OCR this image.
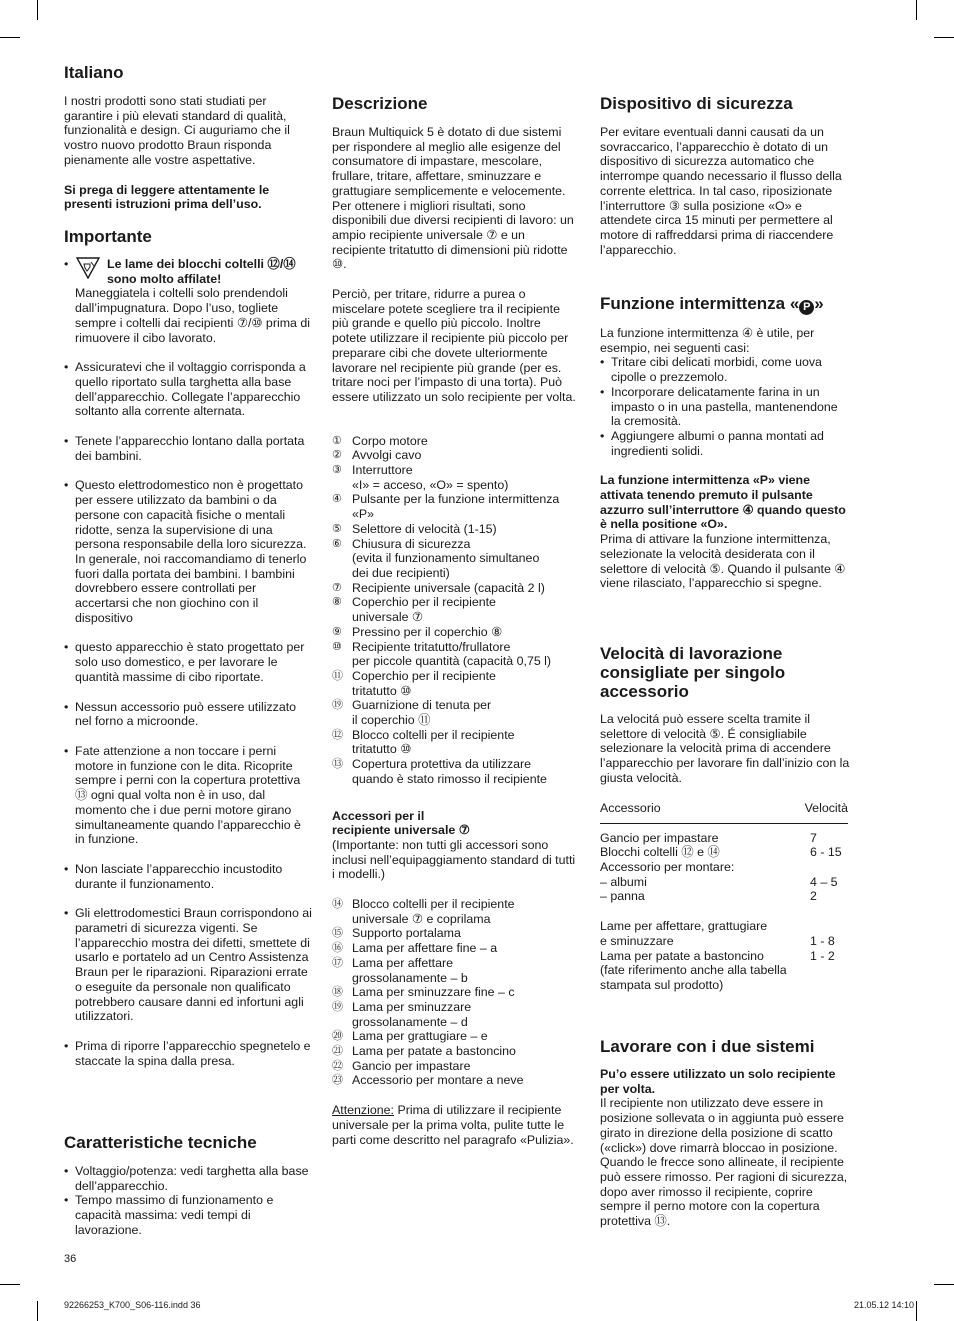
Italiano

I nostri prodotti sono stati studiati per garantire i più elevati standard di qualità, funzionalità e design. Ci auguriamo che il vostro nuovo prodotto Braun risponda pienamente alle vostre aspettative.

Si prega di leggere attentamente le presenti istruzioni prima dell’uso.

Importante
• Le lame dei blocchi coltelli ⑫/⑭ sono molto affilate!
Maneggiatela i coltelli solo prendendoli dall’impugnatura. Dopo l’uso, togliete sempre i coltelli dai recipienti ⑦/⑩ prima di rimuovere il cibo lavorato.
• Assicuratevi che il voltaggio corrisponda a quello riportato sulla targhetta alla base dell’apparecchio. Collegate l’apparecchio soltanto alla corrente alternata.
• Tenete l’apparecchio lontano dalla portata dei bambini.
• Questo elettrodomestico non è progettato per essere utilizzato da bambini o da persone con capacità fisiche o mentali ridotte, senza la supervisione di una persona responsabile della loro sicurezza. In generale, noi raccomandiamo di tenerlo fuori dalla portata dei bambini. I bambini dovrebbero essere controllati per accertarsi che non giochino con il dispositivo
• questo apparecchio è stato progettato per solo uso domestico, e per lavorare le quantità massime di cibo riportate.
• Nessun accessorio può essere utilizzato nel forno a microonde.
• Fate attenzione a non toccare i perni motore in funzione con le dita. Ricoprite sempre i perni con la copertura protettiva ⑬ ogni qual volta non è in uso, dal momento che i due perni motore girano simultaneamente quando l’apparecchio è in funzione.
• Non lasciate l’apparecchio incustodito durante il funzionamento.
• Gli elettrodomestici Braun corrispondono ai parametri di sicurezza vigenti. Se l’apparecchio mostra dei difetti, smettete di usarlo e portatelo ad un Centro Assistenza Braun per le riparazioni. Riparazioni errate o eseguite da personale non qualificato potrebbero causare danni ed infortuni agli utilizzatori.
• Prima di riporre l’apparecchio spegnetelo e staccate la spina dalla presa.
Caratteristiche tecniche
• Voltaggio/potenza: vedi targhetta alla base dell’apparecchio.
• Tempo massimo di funzionamento e capacità massima: vedi tempi di lavorazione.
36
Descrizione

Braun Multiquick 5 è dotato di due sistemi per rispondere al meglio alle esigenze del consumatore di impastare, mescolare, frullare, tritare, affettare, sminuzzare e grattugiare semplicemente e velocemente. Per ottenere i migliori risultati, sono disponibili due diversi recipienti di lavoro: un ampio recipiente universale ⑦ e un recipiente tritatutto di dimensioni più ridotte ⑩.

Perciò, per tritare, ridurre a purea o miscelare potete scegliere tra il recipiente più grande e quello più piccolo. Inoltre potete utilizzare il recipiente più piccolo per preparare cibi che dovete ulteriormente lavorare nel recipiente più grande (per es. tritare noci per l’impasto di una torta). Può essere utilizzato un solo recipiente per volta.

① Corpo motore
② Avvolgi cavo
③ Interruttore
«I» = acceso, «O» = spento)
④ Pulsante per la funzione intermittenza
«P»
⑤ Selettore di velocità (1-15)
⑥ Chiusura di sicurezza
(evita il funzionamento simultaneo
dei due recipienti)
⑦ Recipiente universale (capacità 2 l)
⑧ Coperchio per il recipiente
universale ⑦
⑨ Pressino per il coperchio ⑧
⑩ Recipiente tritatutto/frullatore
per piccole quantità (capacità 0,75 l)
⑪ Coperchio per il recipiente
tritatutto ⑩
⑲ Guarnizione di tenuta per
il coperchio ⑪
⑫ Blocco coltelli per il recipiente
tritatutto ⑩
⑬ Copertura protettiva da utilizzare
quando è stato rimosso il recipiente

Accessori per il
recipiente universale ⑦

(Importante: non tutti gli accessori sono inclusi nell’equipaggiamento standard di tutti i modelli.)

⑭ Blocco coltelli per il recipiente
universale ⑦ e coprilama
⑮ Supporto portalama
⑯ Lama per affettare fine – a
⑰ Lama per affettare
grossolanamente – b
⑱ Lama per sminuzzare fine – c
⑲ Lama per sminuzzare
grossolanamente – d
⑳ Lama per grattugiare – e
㉑ Lama per patate a bastoncino
㉒ Gancio per impastare
㉓ Accessorio per montare a neve

Attenzione: Prima di utilizzare il recipiente universale per la prima volta, pulite tutte le parti come descritto nel paragrafo «Pulizia».

Dispositivo di sicurezza
Per evitare eventuali danni causati da un sovraccarico, l’apparecchio è dotato di un dispositivo di sicurezza automatico che interrompe quando necessario il flusso della corrente elettrica. In tal caso, riposizionate l’interruttore ③ sulla posizione «O» e attendete circa 15 minuti per permettere al motore di raffreddarsi prima di riaccendere l’apparecchio.
Funzione intermittenza « P »

La funzione intermittenza ④ è utile, per esempio, nei seguenti casi:

• Tritare cibi delicati morbidi, come uova cipolle o prezzemolo.
• Incorporare delicatamente farina in un impasto o in una pastella, mantenendone la cremosità.
• Aggiungere albumi o panna montati ad ingredienti solidi.

La funzione intermittenza «P» viene attivata tenendo premuto il pulsante azzurro sull’interruttore ④ quando questo è nella positione «O».

Prima di attivare la funzione intermittenza, selezionate la velocità desiderata con il selettore di velocità ⑤. Quando il pulsante ④ viene rilasciato, l’apparecchio si spegne.

Velocità di lavorazione consigliate per singolo accessorio
La velocitá può essere scelta tramite il selettore di velocità ⑤. É consigliabile selezionare la velocità prima di accendere l’apparecchio per lavorare fin dall’inizio con la giusta velocità.
Accessorio	Velocità
Gancio per impastare	7
Blocchi coltelli ⑫ e ⑭	6 - 15
Accessorio per montare:
– albumi	4 – 5
– panna	2
Lame per affettare, grattugiare
e sminuzzare	1 - 8
Lama per patate a bastoncino	1 - 2
(fate riferimento anche alla tabella
stampata sul prodotto)
Lavorare con i due sistemi

Pu’o essere utilizzato un solo recipiente per volta.

Il recipiente non utilizzato deve essere in posizione sollevata o in aggiunta può essere girato in direzione della posizione di scatto («click») dove rimarrà bloccao in posizione. Quando le frecce sono allineate, il recipiente può essere rimosso. Per ragioni di sicurezza, dopo aver rimosso il recipiente, coprire sempre il perno motore con la copertura protettiva ⑬.

92266253_K700_S06-116.indd 36	21.05.12 14:10
